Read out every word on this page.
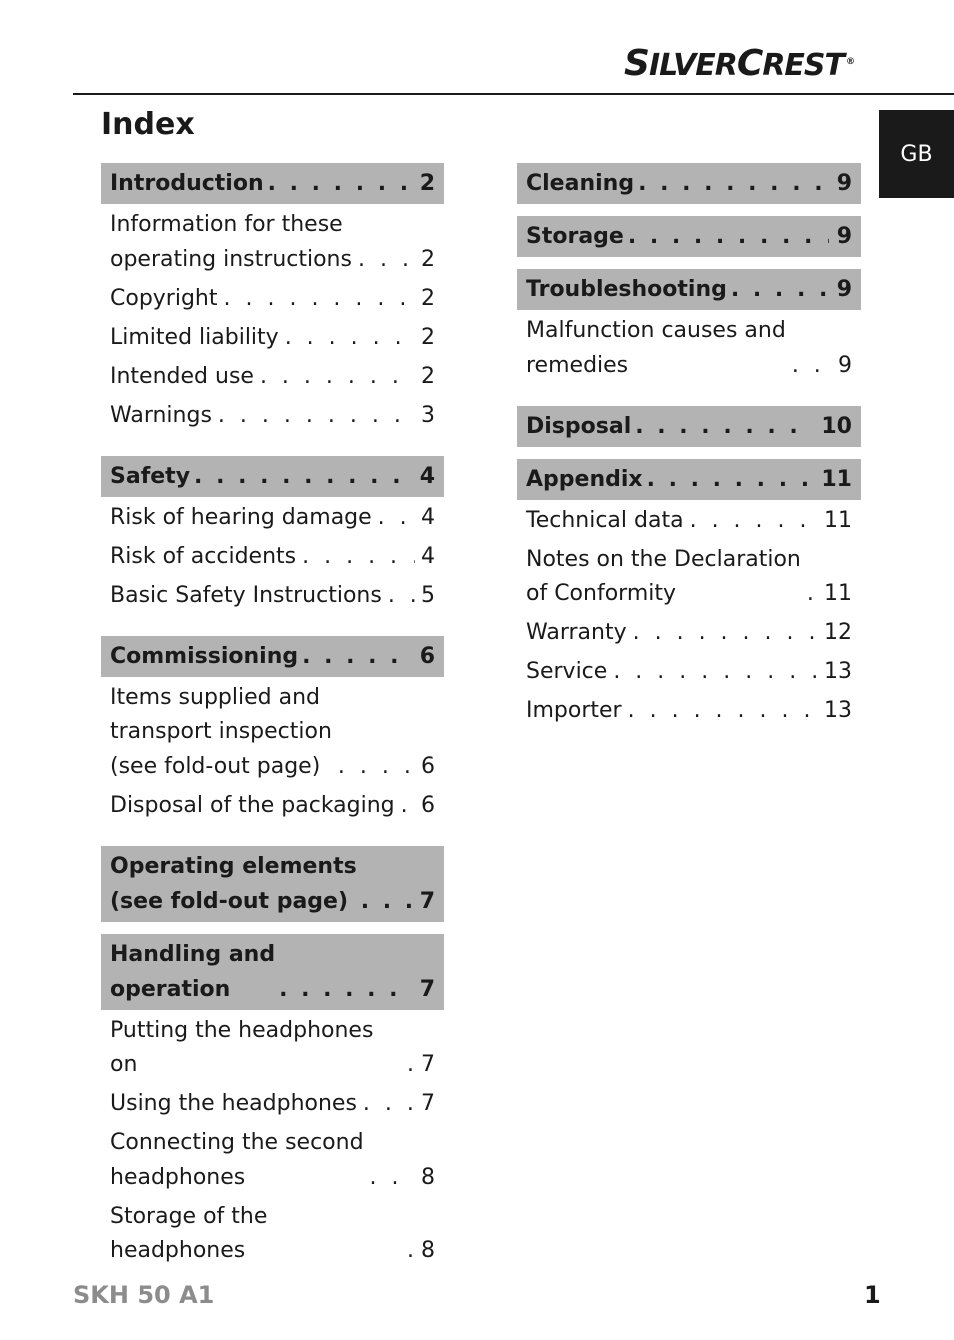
SILVERCREST ®
GB
Index
Introduction . . .	2
Information for these
operating instructions . . .	2
Copyright . . .	2
Limited liability . . .	2
Intended use . . .	2
Warnings . . .	3
Safety . . .	4
Risk of hearing damage . . . 4
Risk of accidents . . .	4
Basic Safety Instructions . . . 5
Commissioning . . .	6
Items supplied and
transport inspection
(see fold-out page) . . .	6
Disposal of the packaging . . . 6
Operating elements
(see fold-out page) . . .	7
Handling and
operation . . .	7
Putting the headphones on . . .	7
Using the headphones . . .	7
Connecting the second
headphones . . .	8
Storage of the headphones . . .	8
Cleaning . . .	9
Storage . . .	9
Troubleshooting . . .	9
Malfunction causes and
remedies . . .	9
Disposal . . .	10
Appendix . . .	11
Technical data . . .	11
Notes on the Declaration
of Conformity . . .	11
Warranty . . .	12
Service . . .	13
Importer . . .	13
SKH 50 A1	1
